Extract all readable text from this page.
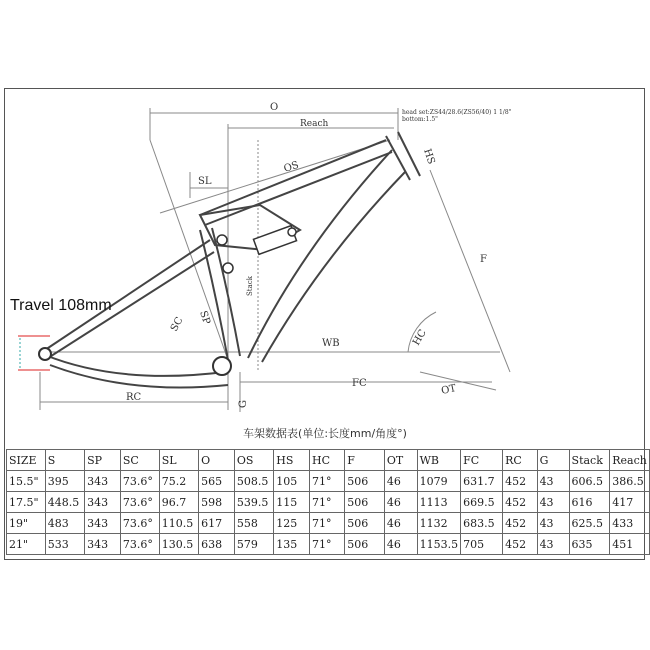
Travel 108mm
O
Reach
OS
SL
SP
SC
HS
HC
F
WB
FC	OT
RC
G
Stack
head set:ZS44/28.6(ZS56/40) 1 1/8"
bottom:1.5"
车架数据表(单位:长度mm/角度°)
SIZE	S	SP	SC	SL	O	OS	HS	HC	F	OT	WB	FC	RC	G	Stack	Reach
15.5"	395	343	73.6°	75.2	565	508.5	105	71°	506	46	1079	631.7	452	43	606.5	386.5
17.5"	448.5	343	73.6°	96.7	598	539.5	115	71°	506	46	1113	669.5	452	43	616	417
19"	483	343	73.6°	110.5	617	558	125	71°	506	46	1132	683.5	452	43	625.5	433
21"	533	343	73.6°	130.5	638	579	135	71°	506	46	1153.5	705	452	43	635	451
